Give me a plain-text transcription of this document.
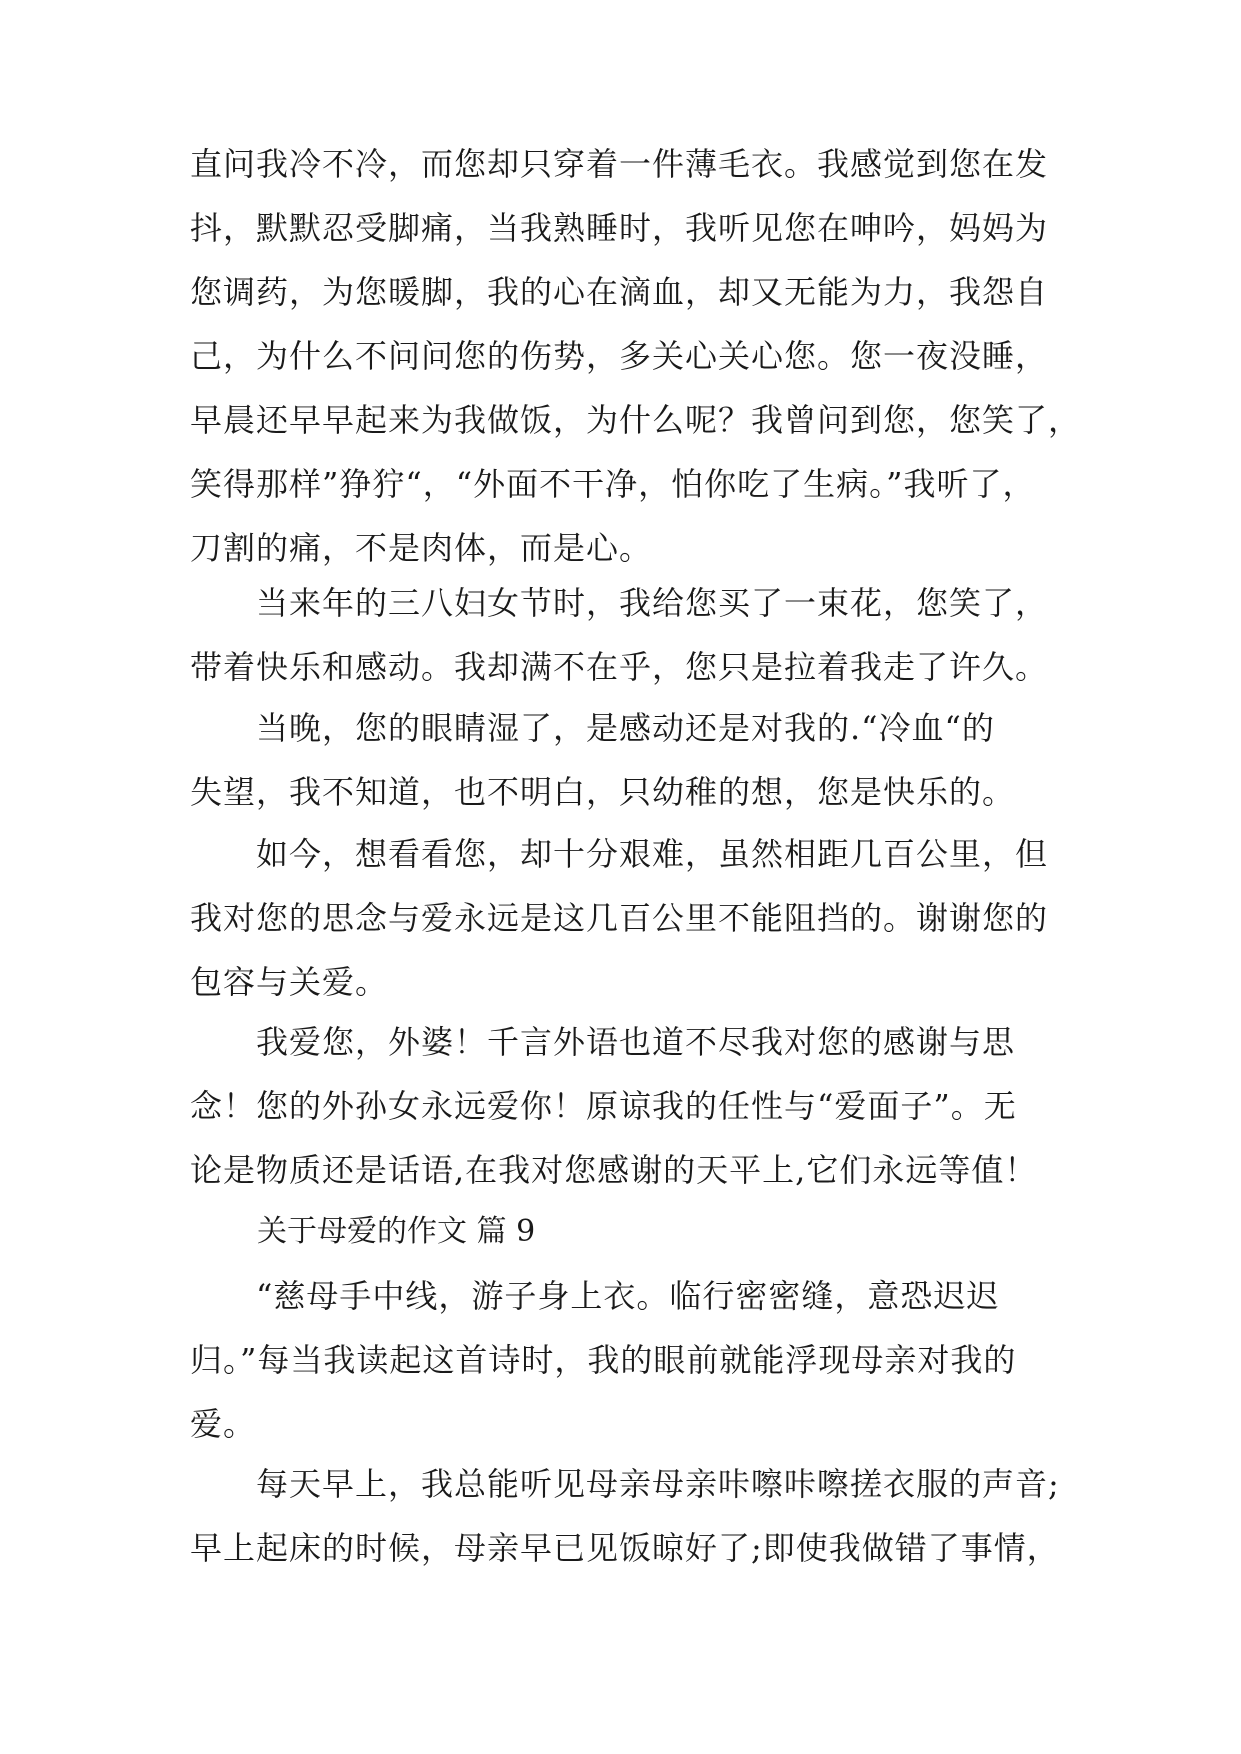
直问我冷不冷，而您却只穿着一件薄毛衣。我感觉到您在发
抖，默默忍受脚痛，当我熟睡时，我听见您在呻吟，妈妈为
您调药，为您暖脚，我的心在滴血，却又无能为力，我怨自
己，为什么不问问您的伤势，多关心关心您。您一夜没睡，
早晨还早早起来为我做饭，为什么呢？我曾问到您，您笑了，
笑得那样”狰狞“，“外面不干净，怕你吃了生病。”我听了，
刀割的痛，不是肉体，而是心。
　　当来年的三八妇女节时，我给您买了一束花，您笑了，
带着快乐和感动。我却满不在乎，您只是拉着我走了许久。
　　当晚，您的眼睛湿了，是感动还是对我的.“冷血“的
失望，我不知道，也不明白，只幼稚的想，您是快乐的。
　　如今，想看看您，却十分艰难，虽然相距几百公里，但
我对您的思念与爱永远是这几百公里不能阻挡的。谢谢您的
包容与关爱。
　　我爱您，外婆！千言外语也道不尽我对您的感谢与思
念！您的外孙女永远爱你！原谅我的任性与“爱面子”。无
论是物质还是话语,在我对您感谢的天平上,它们永远等值！
关于母爱的作文 篇 9
　　“慈母手中线，游子身上衣。临行密密缝，意恐迟迟
归。”每当我读起这首诗时，我的眼前就能浮现母亲对我的
爱。
　　每天早上，我总能听见母亲母亲咔嚓咔嚓搓衣服的声音;
早上起床的时候，母亲早已见饭晾好了;即使我做错了事情，
